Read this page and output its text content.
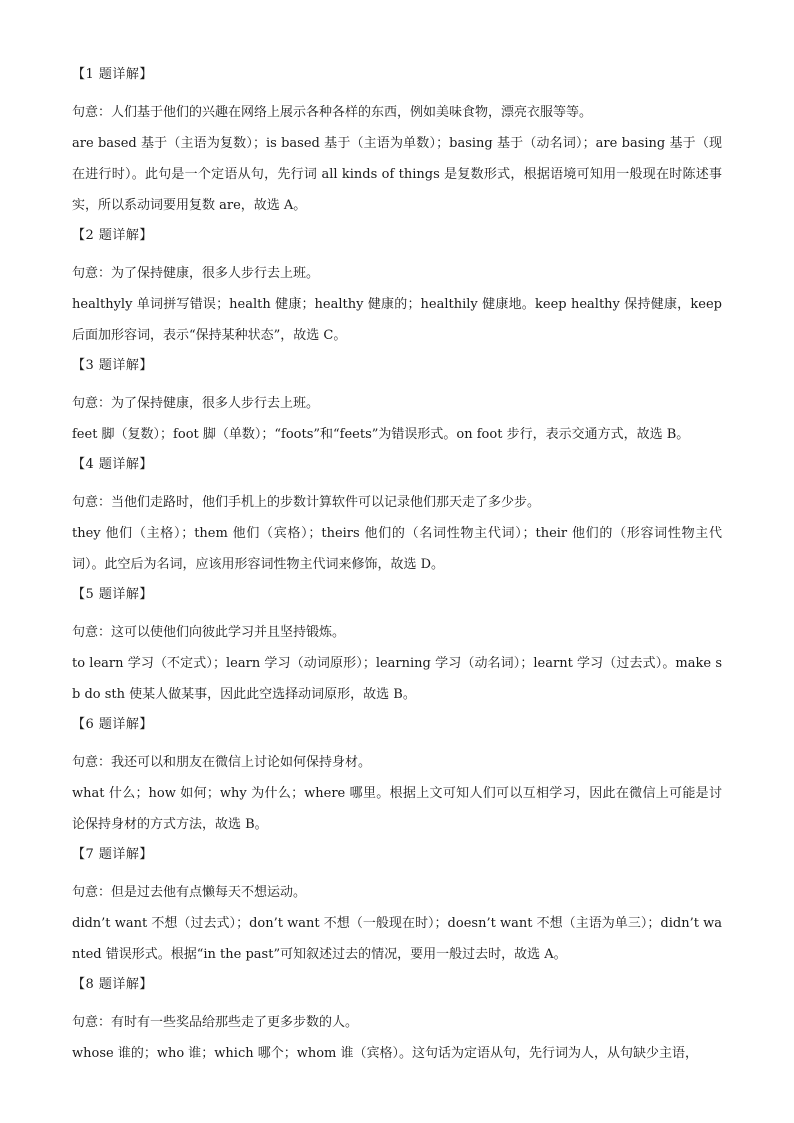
【1 题详解】

句意：人们基于他们的兴趣在网络上展示各种各样的东西，例如美味食物，漂亮衣服等等。

are based 基于（主语为复数）；is based 基于（主语为单数）；basing 基于（动名词）；are basing 基于（现在进行时）。此句是一个定语从句，先行词 all kinds of things 是复数形式，根据语境可知用一般现在时陈述事实，所以系动词要用复数 are，故选 A。

【2 题详解】

句意：为了保持健康，很多人步行去上班。

healthyly 单词拼写错误；health 健康；healthy 健康的；healthily 健康地。keep healthy 保持健康，keep 后面加形容词，表示“保持某种状态”，故选 C。

【3 题详解】

句意：为了保持健康，很多人步行去上班。

feet 脚（复数）；foot 脚（单数）；“foots”和“feets”为错误形式。on foot 步行，表示交通方式，故选 B。

【4 题详解】

句意：当他们走路时，他们手机上的步数计算软件可以记录他们那天走了多少步。

they 他们（主格）；them 他们（宾格）；theirs 他们的（名词性物主代词）；their 他们的（形容词性物主代词）。此空后为名词，应该用形容词性物主代词来修饰，故选 D。

【5 题详解】

句意：这可以使他们向彼此学习并且坚持锻炼。

to learn 学习（不定式）；learn 学习（动词原形）；learning 学习（动名词）；learnt 学习（过去式）。make sb do sth 使某人做某事，因此此空选择动词原形，故选 B。

【6 题详解】

句意：我还可以和朋友在微信上讨论如何保持身材。

what 什么；how 如何；why 为什么；where 哪里。根据上文可知人们可以互相学习，因此在微信上可能是讨论保持身材的方式方法，故选 B。

【7 题详解】

句意：但是过去他有点懒每天不想运动。

didn’t want 不想（过去式）；don’t want 不想（一般现在时）；doesn’t want 不想（主语为单三）；didn’t wanted 错误形式。根据“in the past”可知叙述过去的情况，要用一般过去时，故选 A。

【8 题详解】

句意：有时有一些奖品给那些走了更多步数的人。

whose 谁的；who 谁；which 哪个；whom 谁（宾格）。这句话为定语从句，先行词为人，从句缺少主语，
